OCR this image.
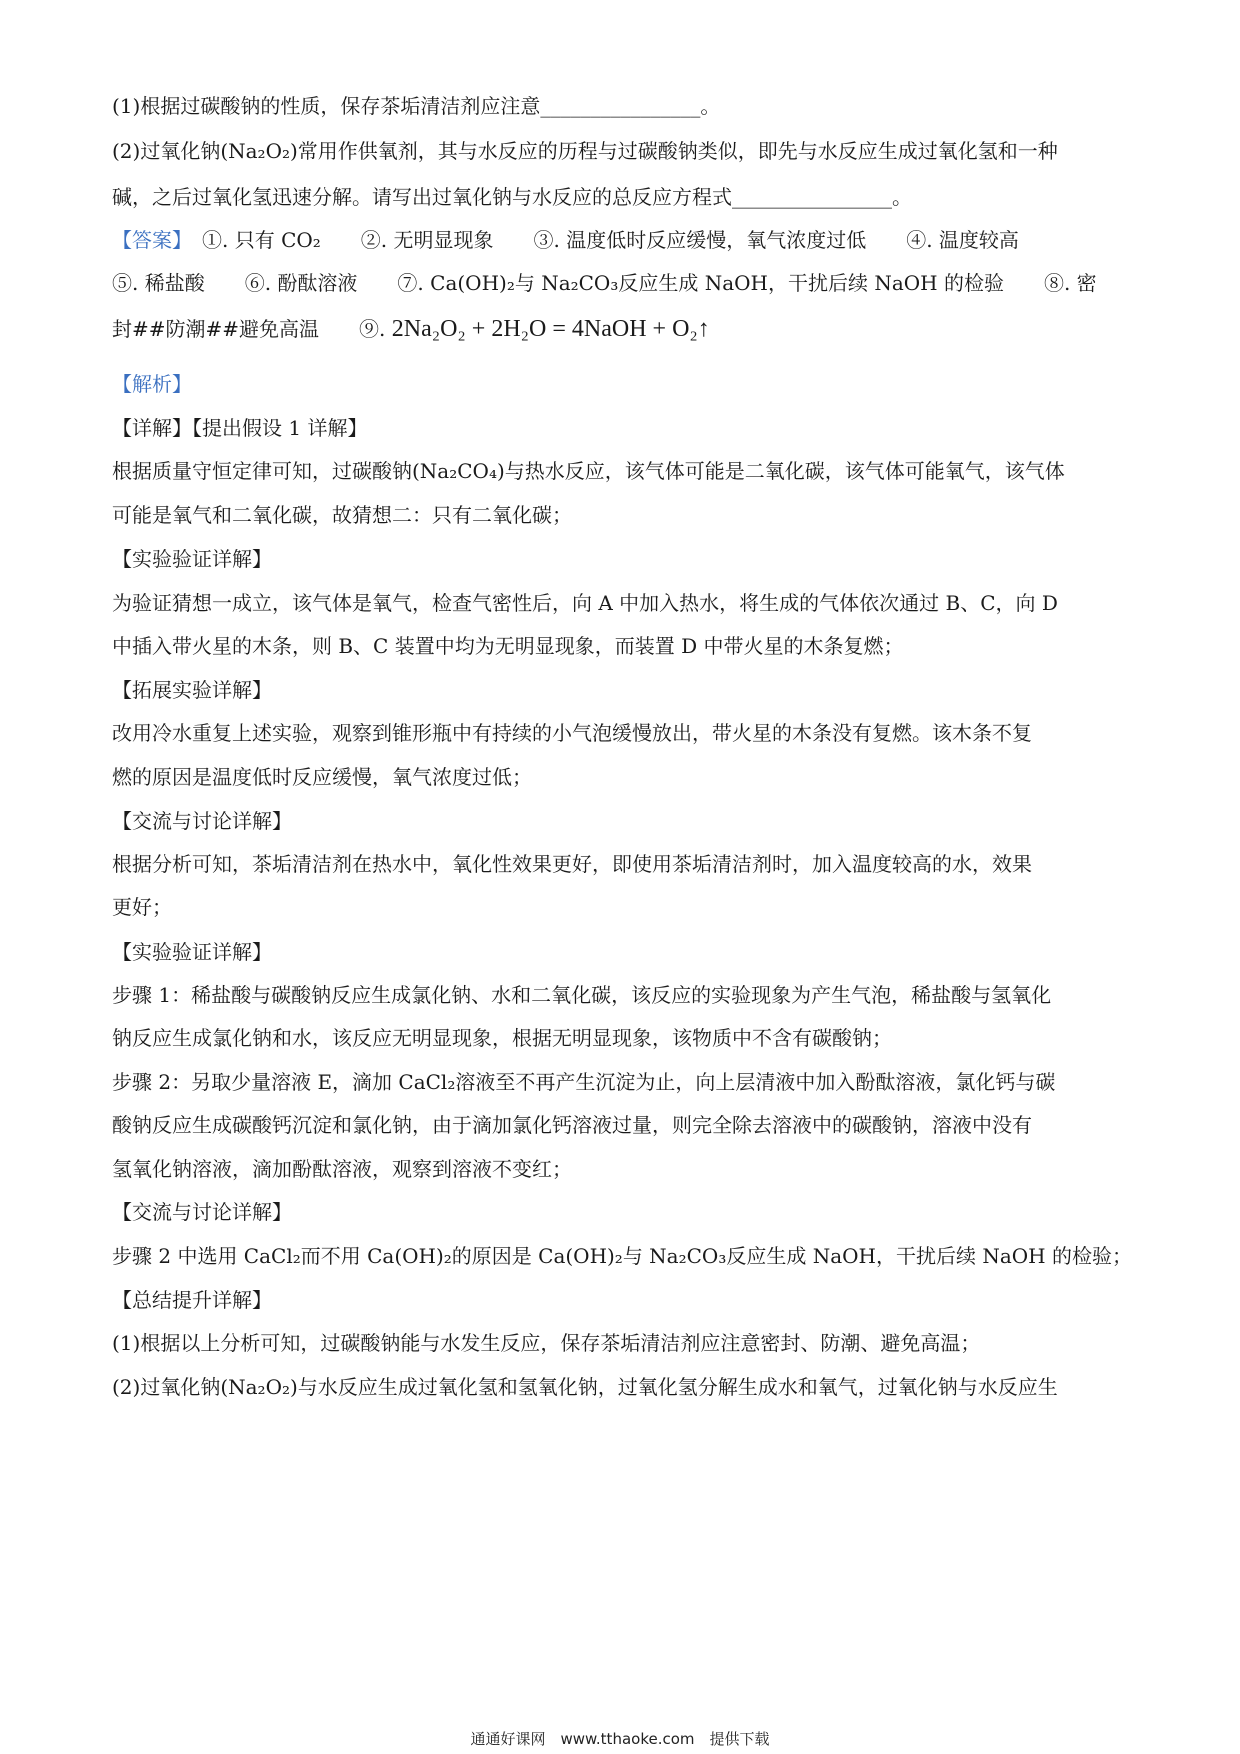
(1)根据过碳酸钠的性质，保存茶垢清洁剂应注意________________。
(2)过氧化钠(Na₂O₂)常用作供氧剂，其与水反应的历程与过碳酸钠类似，即先与水反应生成过氧化氢和一种
碱，之后过氧化氢迅速分解。请写出过氧化钠与水反应的总反应方程式________________。
【答案】　 ①. 只有 CO₂　　②. 无明显现象　　③. 温度低时反应缓慢，氧气浓度过低　　④. 温度较高
⑤. 稀盐酸　　⑥. 酚酞溶液　　⑦. Ca(OH)₂与 Na₂CO₃反应生成 NaOH，干扰后续 NaOH 的检验　　⑧. 密
封##防潮##避免高温　　⑨. 2Na₂O₂ + 2H₂O = 4NaOH + O₂↑
【解析】
【详解】【提出假设 1 详解】
根据质量守恒定律可知，过碳酸钠(Na₂CO₄)与热水反应，该气体可能是二氧化碳，该气体可能氧气，该气体
可能是氧气和二氧化碳，故猜想二：只有二氧化碳；
【实验验证详解】
为验证猜想一成立，该气体是氧气，检查气密性后，向 A 中加入热水，将生成的气体依次通过 B、C，向 D
中插入带火星的木条，则 B、C 装置中均为无明显现象，而装置 D 中带火星的木条复燃；
【拓展实验详解】
改用冷水重复上述实验，观察到锥形瓶中有持续的小气泡缓慢放出，带火星的木条没有复燃。该木条不复
燃的原因是温度低时反应缓慢，氧气浓度过低；
【交流与讨论详解】
根据分析可知，茶垢清洁剂在热水中，氧化性效果更好，即使用茶垢清洁剂时，加入温度较高的水，效果
更好；
【实验验证详解】
步骤 1：稀盐酸与碳酸钠反应生成氯化钠、水和二氧化碳，该反应的实验现象为产生气泡，稀盐酸与氢氧化
钠反应生成氯化钠和水，该反应无明显现象，根据无明显现象，该物质中不含有碳酸钠；
步骤 2：另取少量溶液 E，滴加 CaCl₂溶液至不再产生沉淀为止，向上层清液中加入酚酞溶液，氯化钙与碳
酸钠反应生成碳酸钙沉淀和氯化钠，由于滴加氯化钙溶液过量，则完全除去溶液中的碳酸钠，溶液中没有
氢氧化钠溶液，滴加酚酞溶液，观察到溶液不变红；
【交流与讨论详解】
步骤 2 中选用 CaCl₂而不用 Ca(OH)₂的原因是 Ca(OH)₂与 Na₂CO₃反应生成 NaOH，干扰后续 NaOH 的检验；
【总结提升详解】
(1)根据以上分析可知，过碳酸钠能与水发生反应，保存茶垢清洁剂应注意密封、防潮、避免高温；
(2)过氧化钠(Na₂O₂)与水反应生成过氧化氢和氢氧化钠，过氧化氢分解生成水和氧气，过氧化钠与水反应生
通通好课网　www.tthaoke.com　提供下载
